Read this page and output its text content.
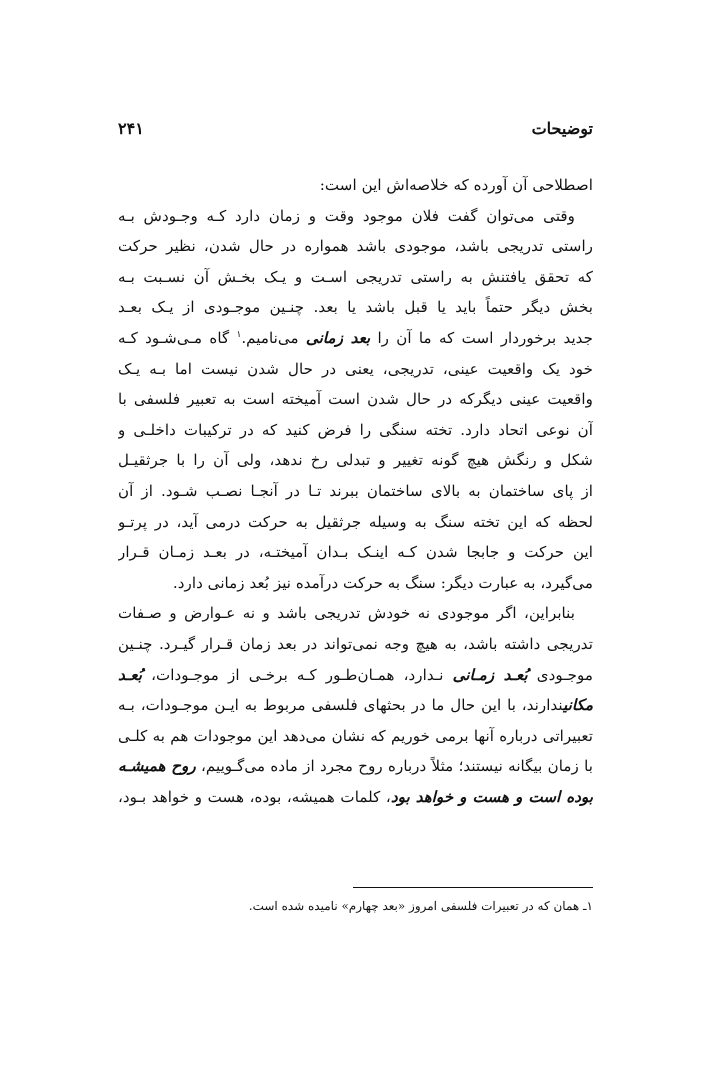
توضیحات
۲۴۱
اصطلاحی آن آورده که خلاصه‌اش این است:
وقتی می‌توان گفت فلان موجود وقت و زمان دارد کـه وجـودش بـه
راستی تدریجی باشد، موجودی باشد همواره در حال شدن، نظیر حرکت
که تحقق یافتنش به راستی تدریجی اسـت و یـک بخـش آن نسـبت بـه
بخش دیگر حتماً باید یا قبل باشد یا بعد. چنـین موجـودی از یـک بعـد
جدید برخوردار است که ما آن را بعد زمانی می‌نامیم.$^۱$ گاه مـی‌شـود کـه
خود یک واقعیت عینی، تدریجی، یعنی در حال شدن نیست اما بـه یـک
واقعیت عینی دیگرکه در حال شدن است آمیخته است به تعبیر فلسفی با
آن نوعی اتحاد دارد. تخته سنگی را فرض کنید که در ترکیبات داخلـی و
شکل و رنگش هیچ گونه تغییر و تبدلی رخ ندهد، ولی آن را با جرثقیـل
از پای ساختمان به بالای ساختمان ببرند تـا در آنجـا نصـب شـود. از آن
لحظه که این تخته سنگ به وسیله جرثقیل به حرکت درمی آید، در پرتـو
این حرکت و جابجا شدن کـه اینـک بـدان آمیختـه، در بعـد زمـان قـرار
می‌گیرد، به عبارت دیگر: سنگ به حرکت درآمده نیز بُعد زمانی دارد.
بنابراین، اگر موجودی نه خودش تدریجی باشد و نه عـوارض و صـفات
تدریجی داشته باشد، به هیچ وجه نمی‌تواند در بعد زمان قـرار گیـرد. چنـین
موجـودی بُعـد زمـانی نـدارد، همـان‌طـور کـه برخـی از موجـودات، بُعـد
مکانیندارند، با این حال ما در بحثهای فلسفی مربوط به ایـن موجـودات، بـه
تعبیراتی درباره آنها برمی خوریم که نشان می‌دهد این موجودات هم به کلـی
با زمان بیگانه نیستند؛ مثلاً درباره روح مجرد از ماده می‌گـوییم، روح همیشـه
بوده است و هست و خواهد بود، کلمات همیشه، بوده، هست و خواهد بـود،
۱ـ همان که در تعبیرات فلسفی امروز «بعد چهارم» نامیده شده است.
